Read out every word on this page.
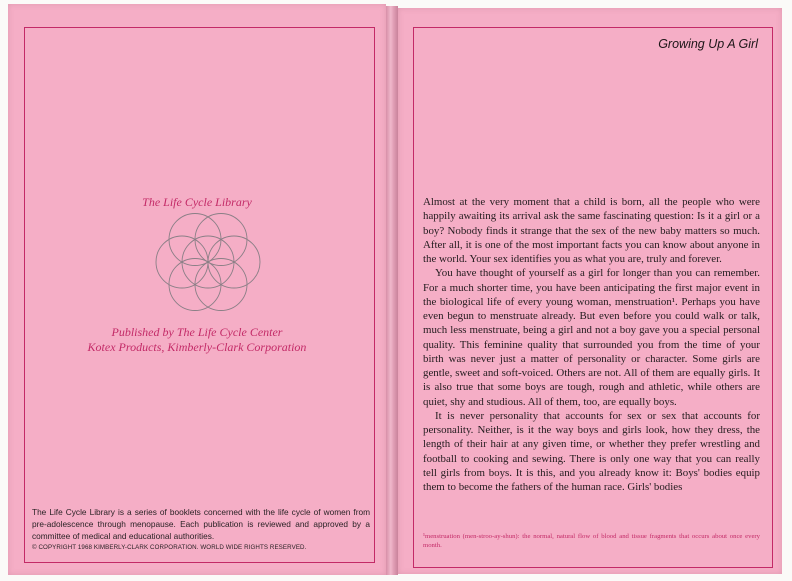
The Life Cycle Library
Published by The Life Cycle Center
Kotex Products, Kimberly-Clark Corporation
The Life Cycle Library is a series of booklets concerned with the life cycle of women from pre-adolescence through menopause. Each publication is reviewed and approved by a committee of medical and educational authorities.
© COPYRIGHT 1968 KIMBERLY-CLARK CORPORATION. WORLD WIDE RIGHTS RESERVED.
Growing Up A Girl

Almost at the very moment that a child is born, all the people who were happily awaiting its arrival ask the same fascinating question: Is it a girl or a boy? Nobody finds it strange that the sex of the new baby matters so much. After all, it is one of the most important facts you can know about anyone in the world. Your sex identifies you as what you are, truly and forever.

You have thought of yourself as a girl for longer than you can remember. For a much shorter time, you have been anticipating the first major event in the biological life of every young woman, menstruation¹. Perhaps you have even begun to menstruate already. But even before you could walk or talk, much less menstruate, being a girl and not a boy gave you a special personal quality. This feminine quality that surrounded you from the time of your birth was never just a matter of personality or character. Some girls are gentle, sweet and soft-voiced. Others are not. All of them are equally girls. It is also true that some boys are tough, rough and athletic, while others are quiet, shy and studious. All of them, too, are equally boys.

It is never personality that accounts for sex or sex that accounts for personality. Neither, is it the way boys and girls look, how they dress, the length of their hair at any given time, or whether they prefer wrestling and football to cooking and sewing. There is only one way that you can really tell girls from boys. It is this, and you already know it: Boys' bodies equip them to become the fathers of the human race. Girls' bodies

¹menstruation (men-stroo-ay-shun): the normal, natural flow of blood and tissue fragments that occurs about once every month.
